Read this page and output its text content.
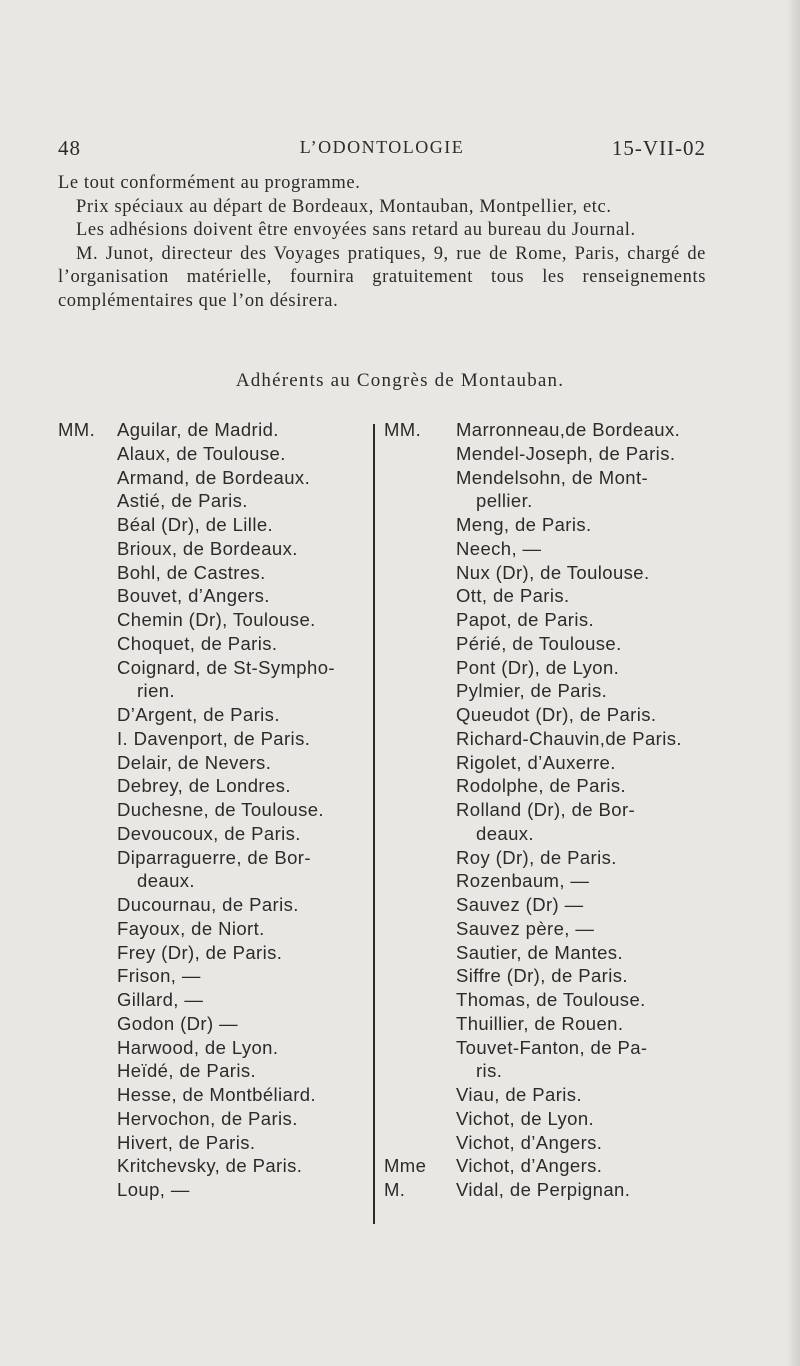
48	L’ODONTOLOGIE	15-VII-02

Le tout conformément au programme.

Prix spéciaux au départ de Bordeaux, Montauban, Montpellier, etc.

Les adhésions doivent être envoyées sans retard au bureau du Journal.

M. Junot, directeur des Voyages pratiques, 9, rue de Rome, Paris, chargé de l’organisation matérielle, fournira gratuitement tous les renseignements complémentaires que l’on désirera.

Adhérents au Congrès de Montauban.
MM. Aguilar, de Madrid.
Alaux, de Toulouse.
Armand, de Bordeaux.
Astié, de Paris.
Béal (Dr), de Lille.
Brioux, de Bordeaux.
Bohl, de Castres.
Bouvet, d’Angers.
Chemin (Dr), Toulouse.
Choquet, de Paris.
Coignard, de St-Sympho-
rien.
D’Argent, de Paris.
I. Davenport, de Paris.
Delair, de Nevers.
Debrey, de Londres.
Duchesne, de Toulouse.
Devoucoux, de Paris.
Diparraguerre, de Bor-
deaux.
Ducournau, de Paris.
Fayoux, de Niort.
Frey (Dr), de Paris.
Frison, —
Gillard, —
Godon (Dr) —
Harwood, de Lyon.
Heïdé, de Paris.
Hesse, de Montbéliard.
Hervochon, de Paris.
Hivert, de Paris.
Kritchevsky, de Paris.
Loup, —
MM. Marronneau,de Bordeaux.
Mendel-Joseph, de Paris.
Mendelsohn, de Mont-
pellier.
Meng, de Paris.
Neech, —
Nux (Dr), de Toulouse.
Ott, de Paris.
Papot, de Paris.
Périé, de Toulouse.
Pont (Dr), de Lyon.
Pylmier, de Paris.
Queudot (Dr), de Paris.
Richard-Chauvin,de Paris.
Rigolet, d’Auxerre.
Rodolphe, de Paris.
Rolland (Dr), de Bor-
deaux.
Roy (Dr), de Paris.
Rozenbaum, —
Sauvez (Dr) —
Sauvez père, —
Sautier, de Mantes.
Siffre (Dr), de Paris.
Thomas, de Toulouse.
Thuillier, de Rouen.
Touvet-Fanton, de Pa-
ris.
Viau, de Paris.
Vichot, de Lyon.
Vichot, d’Angers.
Mme Vichot, d’Angers.
M.	Vidal, de Perpignan.
